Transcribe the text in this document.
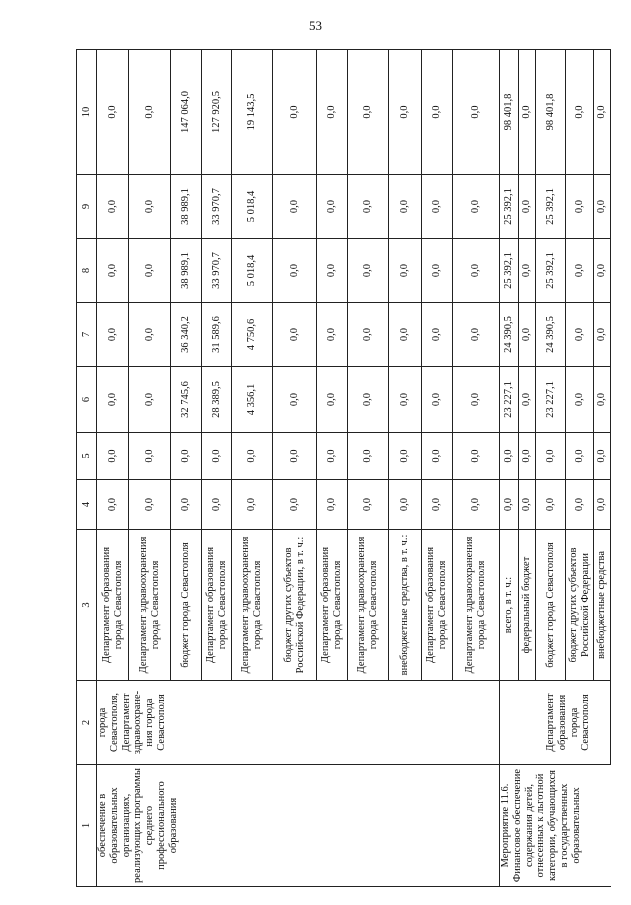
53
1	2	3	4	5	6	7	8	9	10
обеспечение в образовательных организациях, реализующих программы среднего профессионального образования	города Севастополя, Департамент здравоохране-ния города Севастополя	Департамент образования города Севастополя	0,0	0,0	0,0	0,0	0,0	0,0	0,0
		Департамент здравоохранения города Севастополя	0,0	0,0	0,0	0,0	0,0	0,0	0,0
		бюджет города Севастополя	0,0	0,0	32 745,6	36 340,2	38 989,1	38 989,1	147 064,0
		Департамент образования города Севастополя	0,0	0,0	28 389,5	31 589,6	33 970,7	33 970,7	127 920,5
		Департамент здравоохранения города Севастополя	0,0	0,0	4 356,1	4 750,6	5 018,4	5 018,4	19 143,5
		бюджет других субъектов Российской Федерации, в т. ч.:	0,0	0,0	0,0	0,0	0,0	0,0	0,0
		Департамент образования города Севастополя	0,0	0,0	0,0	0,0	0,0	0,0	0,0
		Департамент здравоохранения города Севастополя	0,0	0,0	0,0	0,0	0,0	0,0	0,0
		внебюджетные средства, в т. ч.:	0,0	0,0	0,0	0,0	0,0	0,0	0,0
		Департамент образования города Севастополя	0,0	0,0	0,0	0,0	0,0	0,0	0,0
		Департамент здравоохранения города Севастополя	0,0	0,0	0,0	0,0	0,0	0,0	0,0
Мероприятие 11.6. Финансовое обеспечение содержания детей, отнесенных к льготной категории, обучающихся в государственных образовательных	Департамент образования города Севастополя	всего, в т. ч.:	0,0	0,0	23 227,1	24 390,5	25 392,1	25 392,1	98 401,8
		федеральный бюджет	0,0	0,0	0,0	0,0	0,0	0,0	0,0
		бюджет города Севастополя	0,0	0,0	23 227,1	24 390,5	25 392,1	25 392,1	98 401,8
		бюджет других субъектов Российской Федерации	0,0	0,0	0,0	0,0	0,0	0,0	0,0
		внебюджетные средства	0,0	0,0	0,0	0,0	0,0	0,0	0,0
